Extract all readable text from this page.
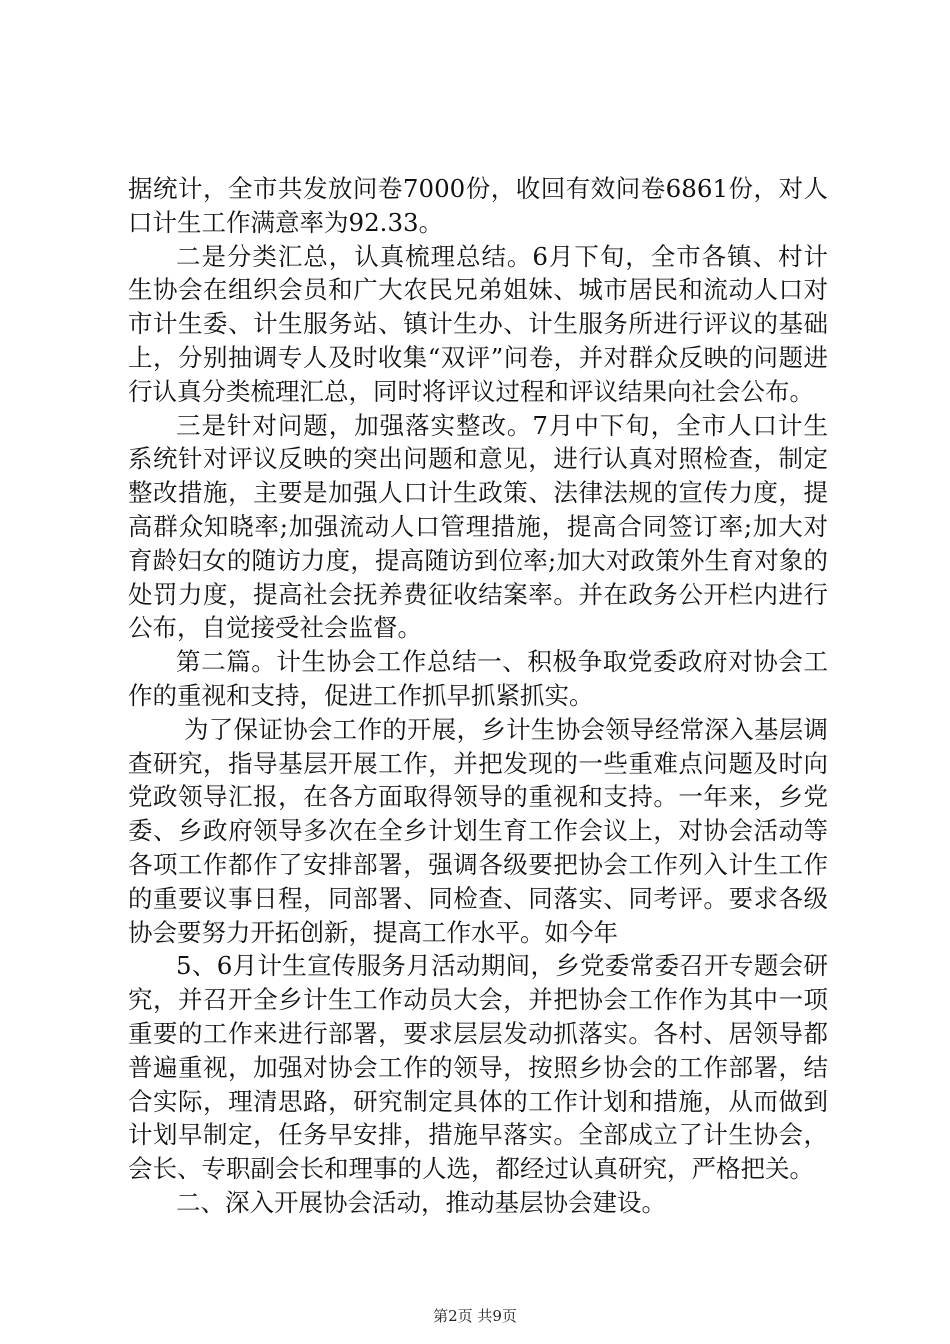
据统计，全市共发放问卷7000份，收回有效问卷6861份，对人口计生工作满意率为92.33。

二是分类汇总，认真梳理总结。6月下旬，全市各镇、村计生协会在组织会员和广大农民兄弟姐妹、城市居民和流动人口对市计生委、计生服务站、镇计生办、计生服务所进行评议的基础上，分别抽调专人及时收集“双评”问卷，并对群众反映的问题进行认真分类梳理汇总，同时将评议过程和评议结果向社会公布。

三是针对问题，加强落实整改。7月中下旬，全市人口计生系统针对评议反映的突出问题和意见，进行认真对照检查，制定整改措施，主要是加强人口计生政策、法律法规的宣传力度，提高群众知晓率;加强流动人口管理措施，提高合同签订率;加大对育龄妇女的随访力度，提高随访到位率;加大对政策外生育对象的处罚力度，提高社会抚养费征收结案率。并在政务公开栏内进行公布，自觉接受社会监督。

第二篇。计生协会工作总结一、积极争取党委政府对协会工作的重视和支持，促进工作抓早抓紧抓实。

为了保证协会工作的开展，乡计生协会领导经常深入基层调查研究，指导基层开展工作，并把发现的一些重难点问题及时向党政领导汇报，在各方面取得领导的重视和支持。一年来，乡党委、乡政府领导多次在全乡计划生育工作会议上，对协会活动等各项工作都作了安排部署，强调各级要把协会工作列入计生工作的重要议事日程，同部署、同检查、同落实、同考评。要求各级协会要努力开拓创新，提高工作水平。如今年

5、6月计生宣传服务月活动期间，乡党委常委召开专题会研究，并召开全乡计生工作动员大会，并把协会工作作为其中一项重要的工作来进行部署，要求层层发动抓落实。各村、居领导都普遍重视，加强对协会工作的领导，按照乡协会的工作部署，结合实际，理清思路，研究制定具体的工作计划和措施，从而做到计划早制定，任务早安排，措施早落实。全部成立了计生协会，会长、专职副会长和理事的人选，都经过认真研究，严格把关。

二、深入开展协会活动，推动基层协会建设。

第2页 共9页
